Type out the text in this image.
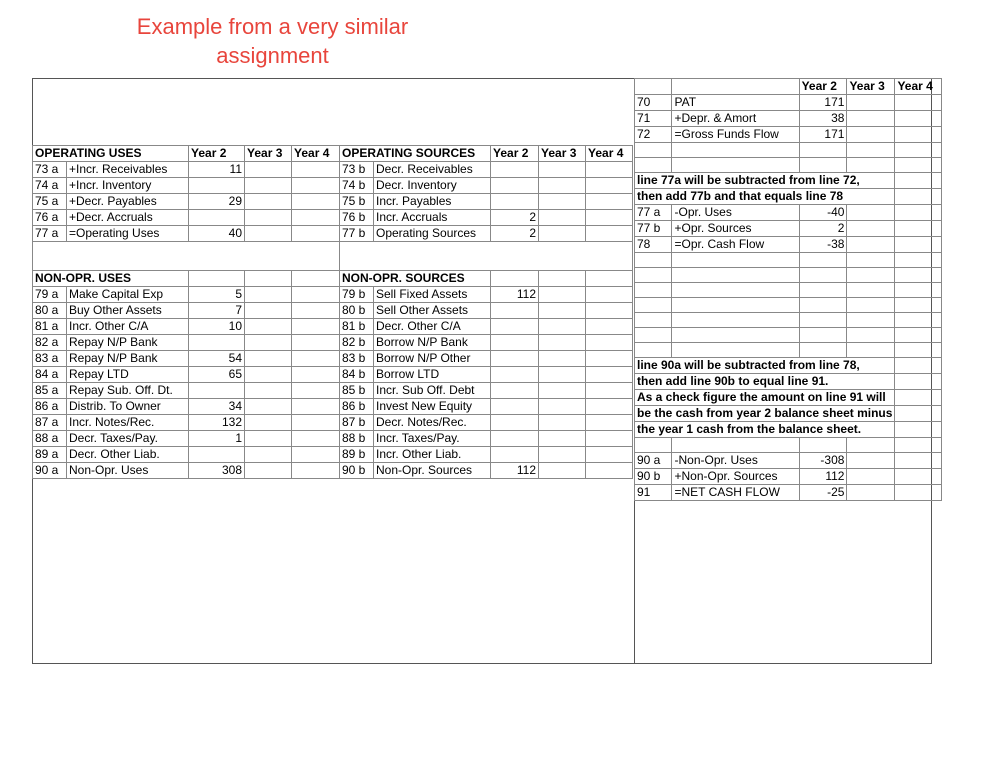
Example from a very similar assignment
OPERATING USES		Year 2	Year 3	Year 4	OPERATING SOURCES		Year 2	Year 3	Year 4
73 a	+Incr. Receivables	11			73 b	Decr. Receivables			
74 a	+Incr. Inventory				74 b	Decr. Inventory			
75 a	+Decr. Payables	29			75 b	Incr. Payables			
76 a	+Decr. Accruals				76 b	Incr. Accruals	2		
77 a	=Operating Uses	40			77 b	Operating Sources	2		

NON-OPR. USES					NON-OPR. SOURCES				
79 a	Make Capital Exp	5			79 b	Sell Fixed Assets	112		
80 a	Buy Other Assets	7			80 b	Sell Other Assets			
81 a	Incr. Other C/A	10			81 b	Decr. Other C/A			
82 a	Repay N/P Bank				82 b	Borrow N/P Bank			
83 a	Repay N/P Bank	54			83 b	Borrow N/P Other			
84 a	Repay LTD	65			84 b	Borrow LTD			
85 a	Repay Sub. Off. Dt.				85 b	Incr. Sub Off. Debt			
86 a	Distrib. To Owner	34			86 b	Invest New Equity			
87 a	Incr. Notes/Rec.	132			87 b	Decr. Notes/Rec.			
88 a	Decr. Taxes/Pay.	1			88 b	Incr. Taxes/Pay.			
89 a	Decr. Other Liab.				89 b	Incr. Other Liab.			
90 a	Non-Opr. Uses	308			90 b	Non-Opr. Sources	112		
		Year 2	Year 3	Year 4
70	PAT	171		
71	+Depr. & Amort	38		
72	=Gross Funds Flow	171		

line 77a will be subtracted from line 72,				
then add 77b and that equals line 78				
77 a	-Opr. Uses	-40		
77 b	+Opr. Sources	2		
78	=Opr. Cash Flow	-38		

line 90a will be subtracted from line 78,				
then add line 90b to equal line 91.				
As a check figure the amount on line 91 will				
be the cash from year 2 balance sheet minus				
the year 1 cash from the balance sheet.				

90 a	-Non-Opr. Uses	-308		
90 b	+Non-Opr. Sources	112		
91	=NET CASH FLOW	-25		
